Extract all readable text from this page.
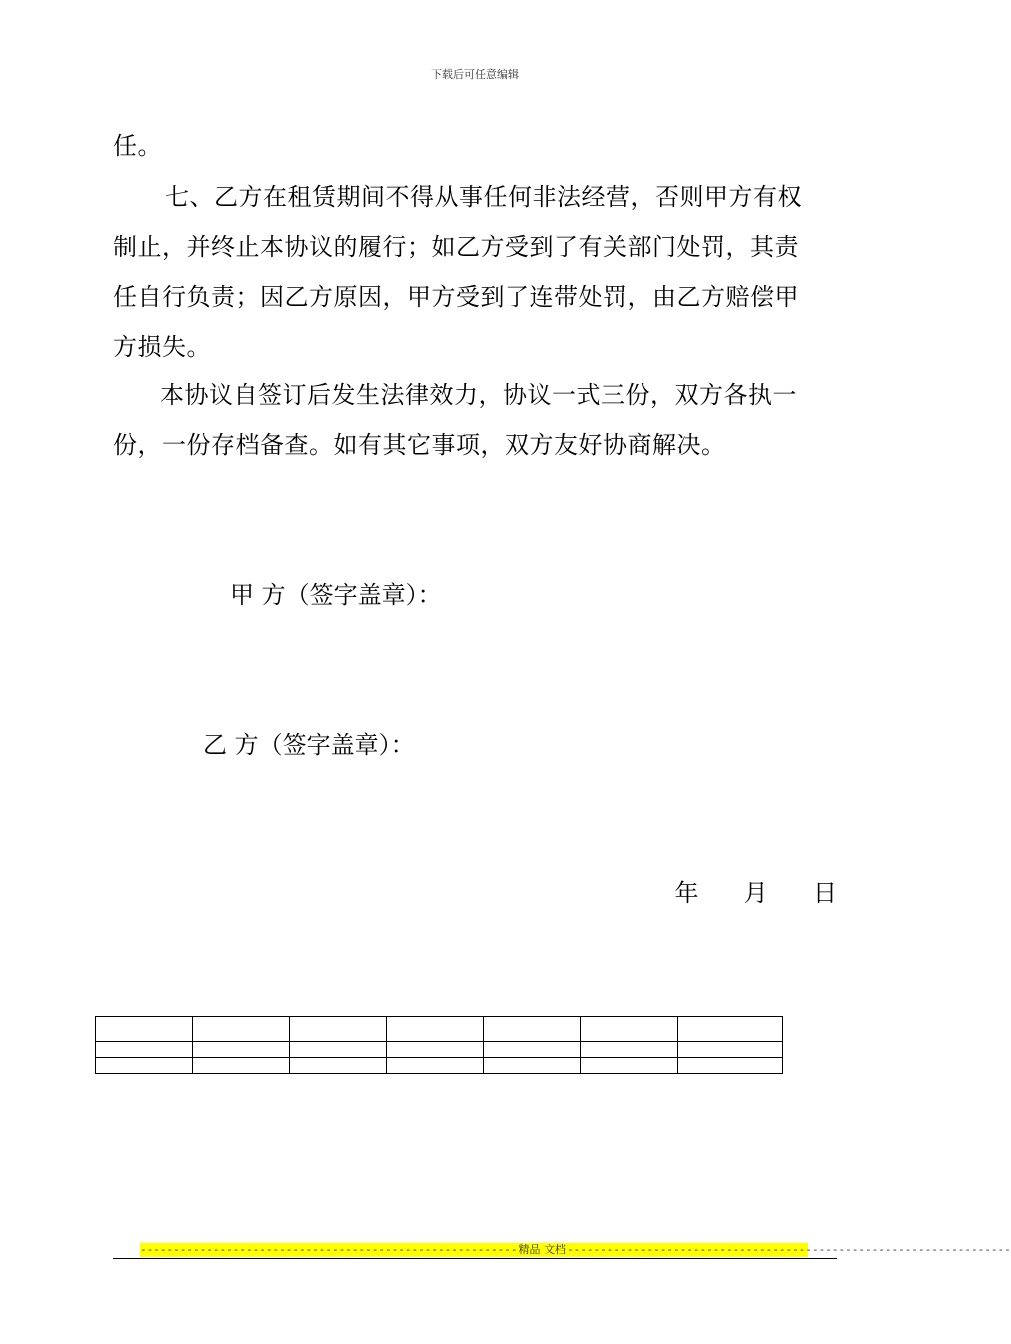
下载后可任意编辑
任。
七、乙方在租赁期间不得从事任何非法经营，否则甲方有权
制止，并终止本协议的履行；如乙方受到了有关部门处罚，其责
任自行负责；因乙方原因，甲方受到了连带处罚，由乙方赔偿甲
方损失。
本协议自签订后发生法律效力，协议一式三份，双方各执一
份，一份存档备查。如有其它事项，双方友好协商解决。
甲 方（签字盖章）：
乙 方（签字盖章）：
年 月 日

--------------------------------------------------------- 精品 文档 -------------------------------------------------------------------
